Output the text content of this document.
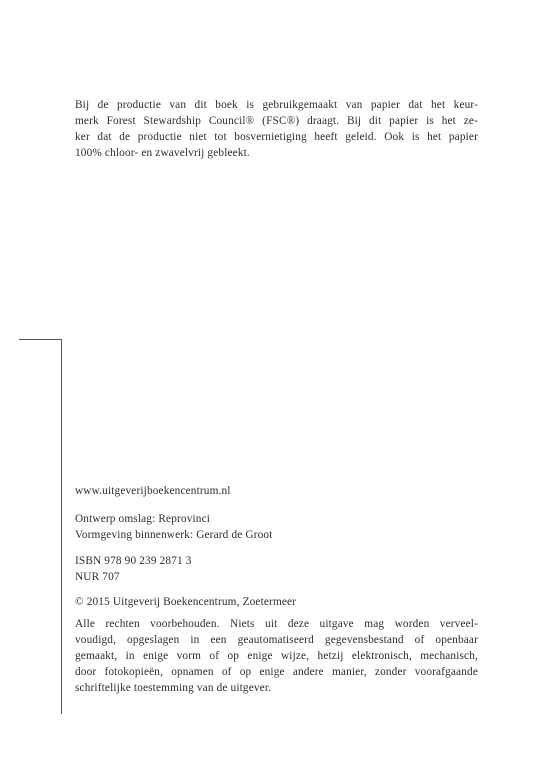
Bij de productie van dit boek is gebruikgemaakt van papier dat het keur-
merk Forest Stewardship Council® (FSC®) draagt. Bij dit papier is het ze-
ker dat de productie niet tot bosvernietiging heeft geleid. Ook is het papier
100% chloor- en zwavelvrij gebleekt.
www.uitgeverijboekencentrum.nl
Ontwerp omslag: Reprovinci
Vormgeving binnenwerk: Gerard de Groot
ISBN 978 90 239 2871 3
NUR 707
© 2015 Uitgeverij Boekencentrum, Zoetermeer
Alle rechten voorbehouden. Niets uit deze uitgave mag worden verveel-
voudigd, opgeslagen in een geautomatiseerd gegevensbestand of openbaar
gemaakt, in enige vorm of op enige wijze, hetzij elektronisch, mechanisch,
door fotokopieën, opnamen of op enige andere manier, zonder voorafgaande
schriftelijke toestemming van de uitgever.
